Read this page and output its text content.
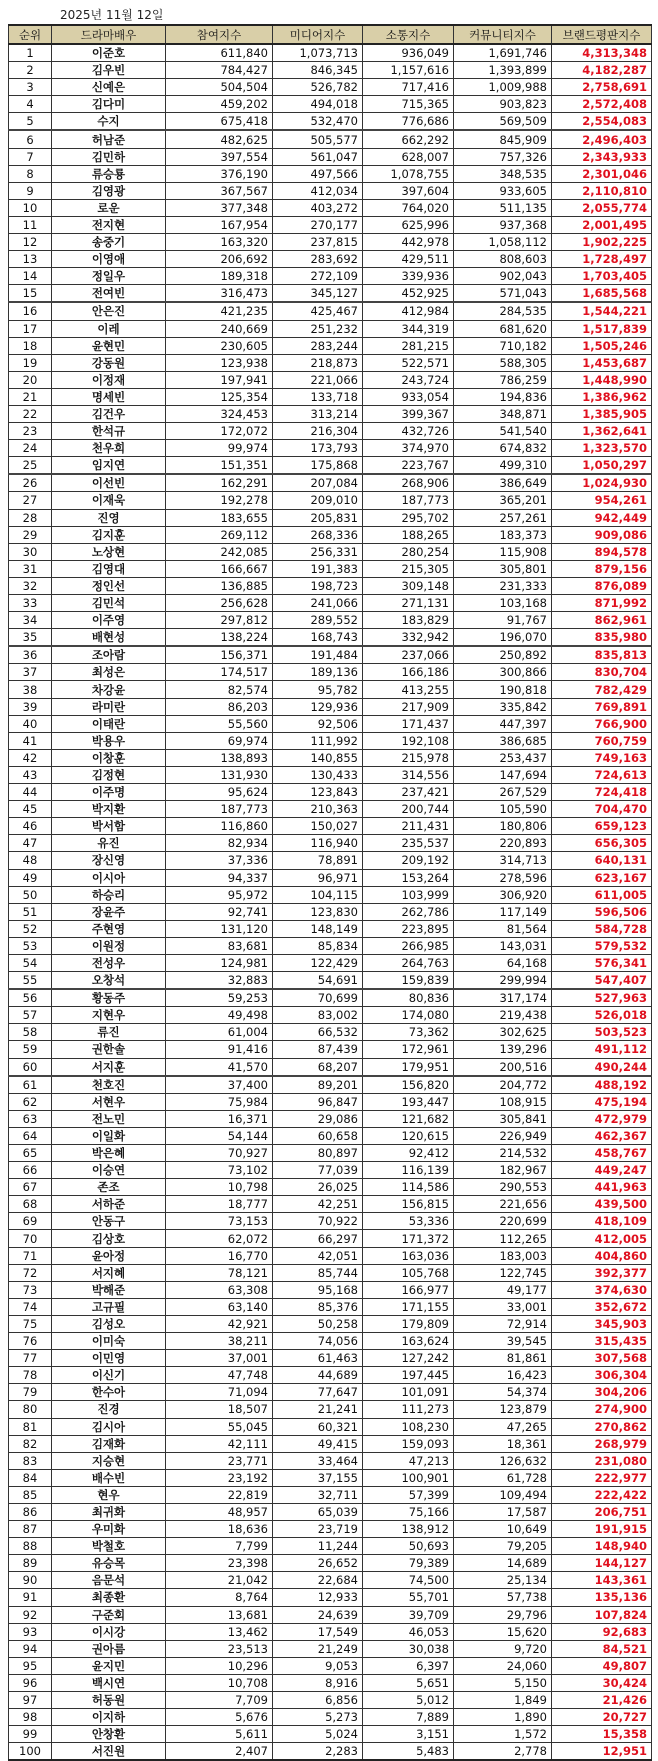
2025년 11월 12일
순위	드라마배우	참여지수	미디어지수	소통지수	커뮤니티지수	브랜드평판지수
1	이준호	611,840	1,073,713	936,049	1,691,746	4,313,348
2	김우빈	784,427	846,345	1,157,616	1,393,899	4,182,287
3	신예은	504,504	526,782	717,416	1,009,988	2,758,691
4	김다미	459,202	494,018	715,365	903,823	2,572,408
5	수지	675,418	532,470	776,686	569,509	2,554,083
6	허남준	482,625	505,577	662,292	845,909	2,496,403
7	김민하	397,554	561,047	628,007	757,326	2,343,933
8	류승룡	376,190	497,566	1,078,755	348,535	2,301,046
9	김영광	367,567	412,034	397,604	933,605	2,110,810
10	로운	377,348	403,272	764,020	511,135	2,055,774
11	전지현	167,954	270,177	625,996	937,368	2,001,495
12	송중기	163,320	237,815	442,978	1,058,112	1,902,225
13	이영애	206,692	283,692	429,511	808,603	1,728,497
14	정일우	189,318	272,109	339,936	902,043	1,703,405
15	전여빈	316,473	345,127	452,925	571,043	1,685,568
16	안은진	421,235	425,467	412,984	284,535	1,544,221
17	이레	240,669	251,232	344,319	681,620	1,517,839
18	윤현민	230,605	283,244	281,215	710,182	1,505,246
19	강동원	123,938	218,873	522,571	588,305	1,453,687
20	이정재	197,941	221,066	243,724	786,259	1,448,990
21	명세빈	125,354	133,718	933,054	194,836	1,386,962
22	김건우	324,453	313,214	399,367	348,871	1,385,905
23	한석규	172,072	216,304	432,726	541,540	1,362,641
24	천우희	99,974	173,793	374,970	674,832	1,323,570
25	임지연	151,351	175,868	223,767	499,310	1,050,297
26	이선빈	162,291	207,084	268,906	386,649	1,024,930
27	이재욱	192,278	209,010	187,773	365,201	954,261
28	진영	183,655	205,831	295,702	257,261	942,449
29	김지훈	269,112	268,336	188,265	183,373	909,086
30	노상현	242,085	256,331	280,254	115,908	894,578
31	김영대	166,667	191,383	215,305	305,801	879,156
32	정인선	136,885	198,723	309,148	231,333	876,089
33	김민석	256,628	241,066	271,131	103,168	871,992
34	이주영	297,812	289,552	183,829	91,767	862,961
35	배현성	138,224	168,743	332,942	196,070	835,980
36	조아람	156,371	191,484	237,066	250,892	835,813
37	최성은	174,517	189,136	166,186	300,866	830,704
38	차강윤	82,574	95,782	413,255	190,818	782,429
39	라미란	86,203	129,936	217,909	335,842	769,891
40	이태란	55,560	92,506	171,437	447,397	766,900
41	박용우	69,974	111,992	192,108	386,685	760,759
42	이창훈	138,893	140,855	215,978	253,437	749,163
43	김정현	131,930	130,433	314,556	147,694	724,613
44	이주명	95,624	123,843	237,421	267,529	724,418
45	박지환	187,773	210,363	200,744	105,590	704,470
46	박서함	116,860	150,027	211,431	180,806	659,123
47	유진	82,934	116,940	235,537	220,893	656,305
48	장신영	37,336	78,891	209,192	314,713	640,131
49	이시아	94,337	96,971	153,264	278,596	623,167
50	하승리	95,972	104,115	103,999	306,920	611,005
51	장윤주	92,741	123,830	262,786	117,149	596,506
52	주현영	131,120	148,149	223,895	81,564	584,728
53	이원정	83,681	85,834	266,985	143,031	579,532
54	전성우	124,981	122,429	264,763	64,168	576,341
55	오창석	32,883	54,691	159,839	299,994	547,407
56	황동주	59,253	70,699	80,836	317,174	527,963
57	지현우	49,498	83,002	174,080	219,438	526,018
58	류진	61,004	66,532	73,362	302,625	503,523
59	권한솔	91,416	87,439	172,961	139,296	491,112
60	서지훈	41,570	68,207	179,951	200,516	490,244
61	천호진	37,400	89,201	156,820	204,772	488,192
62	서현우	75,984	96,847	193,447	108,915	475,194
63	전노민	16,371	29,086	121,682	305,841	472,979
64	이일화	54,144	60,658	120,615	226,949	462,367
65	박은혜	70,927	80,897	92,412	214,532	458,767
66	이승연	73,102	77,039	116,139	182,967	449,247
67	존조	10,798	26,025	114,586	290,553	441,963
68	서하준	18,777	42,251	156,815	221,656	439,500
69	안동구	73,153	70,922	53,336	220,699	418,109
70	김상호	62,072	66,297	171,372	112,265	412,005
71	윤아정	16,770	42,051	163,036	183,003	404,860
72	서지혜	78,121	85,744	105,768	122,745	392,377
73	박해준	63,308	95,168	166,977	49,177	374,630
74	고규필	63,140	85,376	171,155	33,001	352,672
75	김성오	42,921	50,258	179,809	72,914	345,903
76	이미숙	38,211	74,056	163,624	39,545	315,435
77	이민영	37,001	61,463	127,242	81,861	307,568
78	이신기	47,748	44,689	197,445	16,423	306,304
79	한수아	71,094	77,647	101,091	54,374	304,206
80	진경	18,507	21,241	111,273	123,879	274,900
81	김시아	55,045	60,321	108,230	47,265	270,862
82	김재화	42,111	49,415	159,093	18,361	268,979
83	지승현	23,771	33,464	47,213	126,632	231,080
84	배수빈	23,192	37,155	100,901	61,728	222,977
85	현우	22,819	32,711	57,399	109,494	222,422
86	최귀화	48,957	65,039	75,166	17,587	206,751
87	우미화	18,636	23,719	138,912	10,649	191,915
88	박철호	7,799	11,244	50,693	79,205	148,940
89	유승목	23,398	26,652	79,389	14,689	144,127
90	음문석	21,042	22,684	74,500	25,134	143,361
91	최종환	8,764	12,933	55,701	57,738	135,136
92	구준회	13,681	24,639	39,709	29,796	107,824
93	이시강	13,462	17,549	46,053	15,620	92,683
94	권아름	23,513	21,249	30,038	9,720	84,521
95	윤지민	10,296	9,053	6,397	24,060	49,807
96	백시연	10,708	8,916	5,651	5,150	30,424
97	허동원	7,709	6,856	5,012	1,849	21,426
98	이지하	5,676	5,273	7,889	1,890	20,727
99	안창환	5,611	5,024	3,151	1,572	15,358
100	서진원	2,407	2,283	5,483	2,778	12,951
